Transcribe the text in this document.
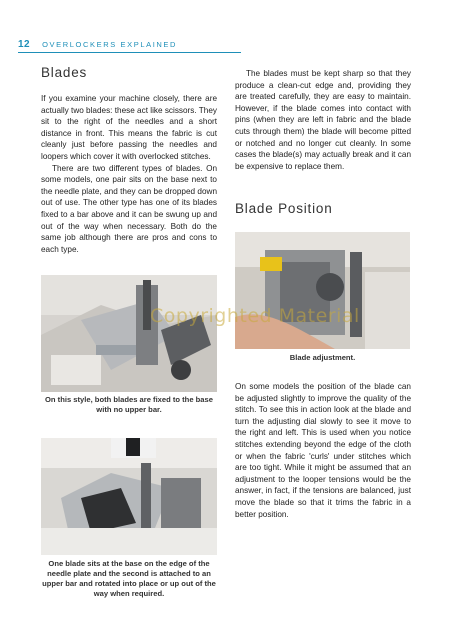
12 OVERLOCKERS EXPLAINED
Blades

If you examine your machine closely, there are actually two blades: these act like scissors. They sit to the right of the needles and a short distance in front. This means the fabric is cut cleanly just before passing the needles and loopers which cover it with overlocked stitches.

There are two different types of blades. On some models, one pair sits on the base next to the needle plate, and they can be dropped down out of use. The other type has one of its blades fixed to a bar above and it can be swung up and out of the way when necessary. Both do the same job although there are pros and cons to each type.

The blades must be kept sharp so that they produce a clean-cut edge and, providing they are treated carefully, they are easy to maintain. However, if the blade comes into contact with pins (when they are left in fabric and the blade cuts through them) the blade will become pitted or notched and no longer cut cleanly. In some cases the blade(s) may actually break and it can be expensive to replace them.

Blade Position
On this style, both blades are fixed to the base with no upper bar.
Blade adjustment.
Copyrighted Material

On some models the position of the blade can be adjusted slightly to improve the quality of the stitch. To see this in action look at the blade and turn the adjusting dial slowly to see it move to the right and left. This is used when you notice stitches extending beyond the edge of the cloth or when the fabric 'curls' under stitches which are too tight. While it might be assumed that an adjustment to the looper tensions would be the answer, in fact, if the tensions are balanced, just move the blade so that it trims the fabric in a better position.

One blade sits at the base on the edge of the needle plate and the second is attached to an upper bar and rotated into place or up out of the way when required.
